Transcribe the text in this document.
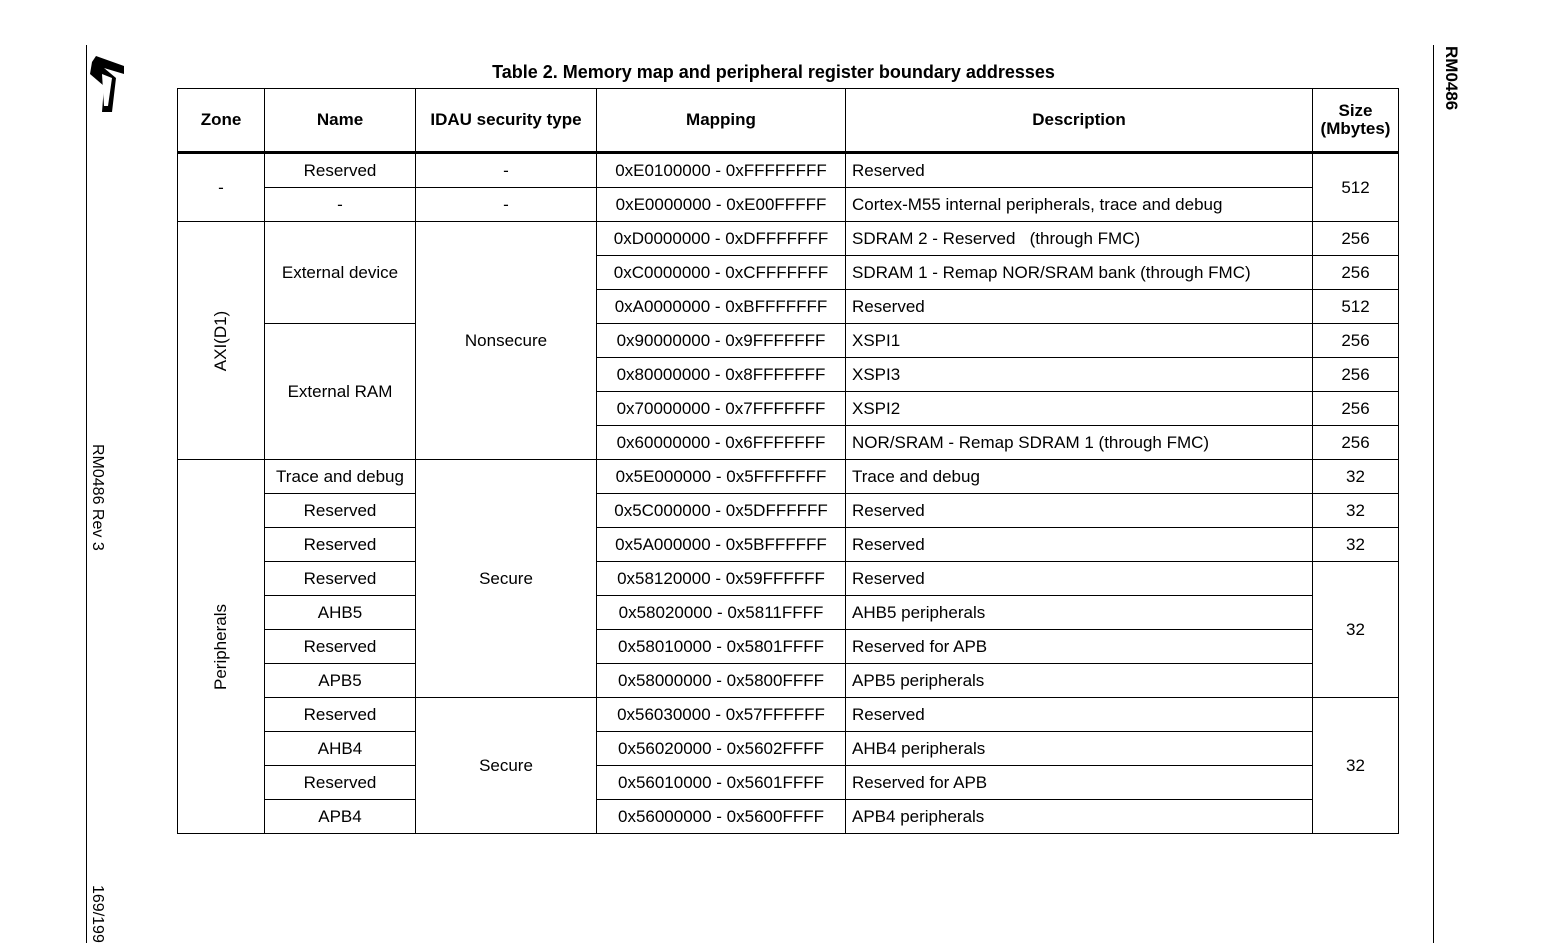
RM0486 Rev 3
169/199
RM0486
Table 2. Memory map and peripheral register boundary addresses
Zone	Name	IDAU security type	Mapping	Description	Size
(Mbytes)
-	Reserved	-	0xE0100000 - 0xFFFFFFFF	Reserved	512
	-	-	0xE0000000 - 0xE00FFFFF	Cortex-M55 internal peripherals, trace and debug	
AXI(D1)	External device	Nonsecure	0xD0000000 - 0xDFFFFFFF	SDRAM 2 - Reserved   (through FMC)	256
			0xC0000000 - 0xCFFFFFFF	SDRAM 1 - Remap NOR/SRAM bank (through FMC)	256
			0xA0000000 - 0xBFFFFFFF	Reserved	512
	External RAM		0x90000000 - 0x9FFFFFFF	XSPI1	256
			0x80000000 - 0x8FFFFFFF	XSPI3	256
			0x70000000 - 0x7FFFFFFF	XSPI2	256
			0x60000000 - 0x6FFFFFFF	NOR/SRAM - Remap SDRAM 1 (through FMC)	256
Peripherals	Trace and debug	Secure	0x5E000000 - 0x5FFFFFFF	Trace and debug	32
	Reserved		0x5C000000 - 0x5DFFFFFF	Reserved	32
	Reserved		0x5A000000 - 0x5BFFFFFF	Reserved	32
	Reserved		0x58120000 - 0x59FFFFFF	Reserved	32
	AHB5		0x58020000 - 0x5811FFFF	AHB5 peripherals	
	Reserved		0x58010000 - 0x5801FFFF	Reserved for APB	
	APB5		0x58000000 - 0x5800FFFF	APB5 peripherals	
	Reserved	Secure	0x56030000 - 0x57FFFFFF	Reserved	32
	AHB4		0x56020000 - 0x5602FFFF	AHB4 peripherals	
	Reserved		0x56010000 - 0x5601FFFF	Reserved for APB	
	APB4		0x56000000 - 0x5600FFFF	APB4 peripherals	
